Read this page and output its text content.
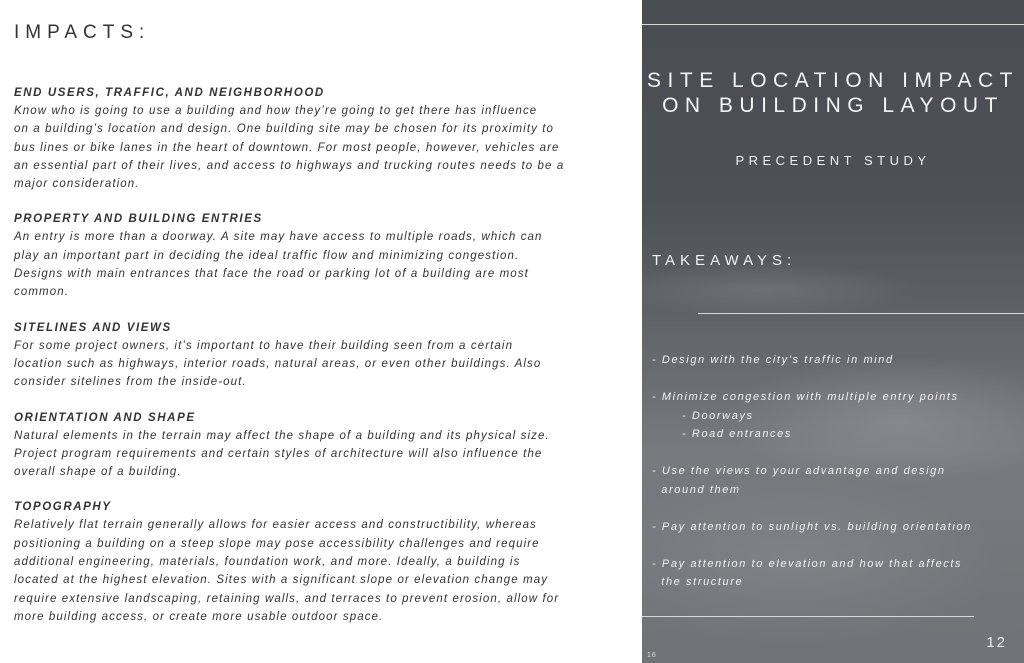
IMPACTS:
END USERS, TRAFFIC, AND NEIGHBORHOOD
Know who is going to use a building and how they’re going to get there has influence
on a building’s location and design. One building site may be chosen for its proximity to
bus lines or bike lanes in the heart of downtown. For most people, however, vehicles are
an essential part of their lives, and access to highways and trucking routes needs to be a
major consideration.
PROPERTY AND BUILDING ENTRIES
An entry is more than a doorway. A site may have access to multiple roads, which can
play an important part in deciding the ideal traffic flow and minimizing congestion.
Designs with main entrances that face the road or parking lot of a building are most
common.
SITELINES AND VIEWS
For some project owners, it’s important to have their building seen from a certain
location such as highways, interior roads, natural areas, or even other buildings. Also
consider sitelines from the inside-out.
ORIENTATION AND SHAPE
Natural elements in the terrain may affect the shape of a building and its physical size.
Project program requirements and certain styles of architecture will also influence the
overall shape of a building.
TOPOGRAPHY
Relatively flat terrain generally allows for easier access and constructibility, whereas
positioning a building on a steep slope may pose accessibility challenges and require
additional engineering, materials, foundation work, and more. Ideally, a building is
located at the highest elevation. Sites with a significant slope or elevation change may
require extensive landscaping, retaining walls, and terraces to prevent erosion, allow for
more building access, or create more usable outdoor space.
SITE LOCATION IMPACT
ON BUILDING LAYOUT
PRECEDENT STUDY
TAKEAWAYS:
- Design with the city’s traffic in mind
- Minimize congestion with multiple entry points
- Doorways
- Road entrances
- Use the views to your advantage and design
around them
- Pay attention to sunlight vs. building orientation
- Pay attention to elevation and how that affects
the structure
12
16
